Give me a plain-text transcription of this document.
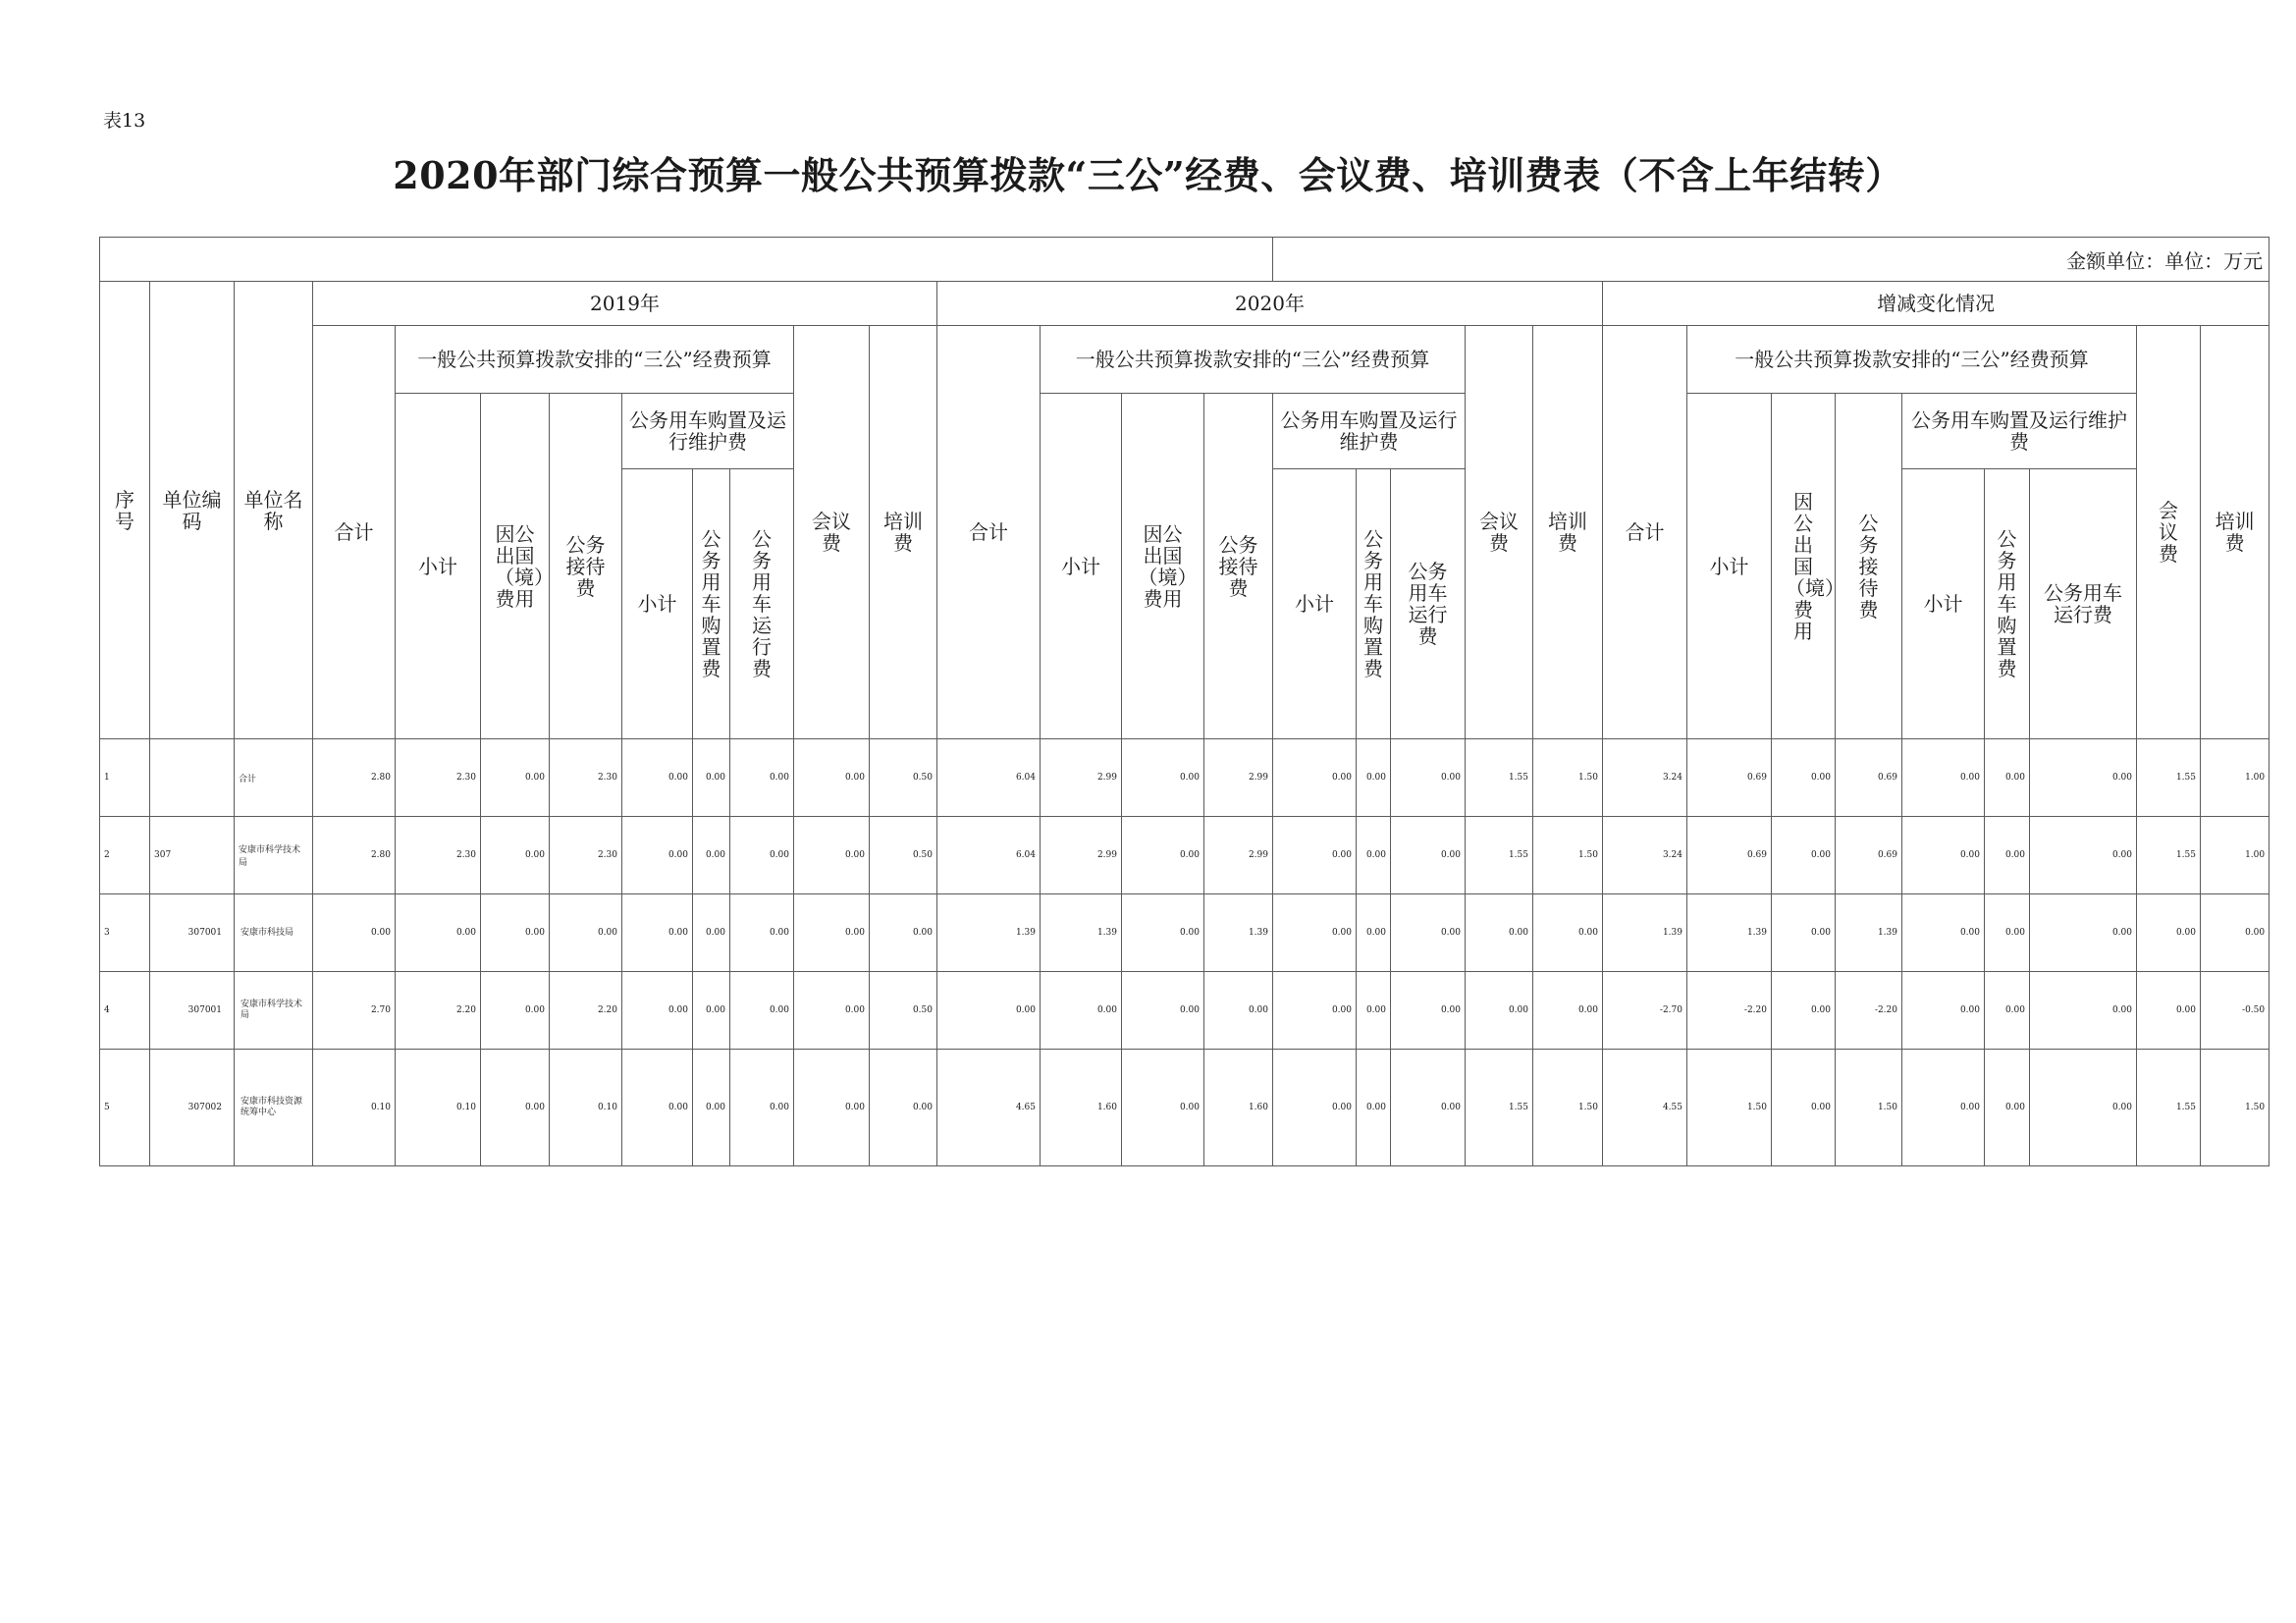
表13
2020年部门综合预算一般公共预算拨款“三公”经费、会议费、培训费表（不含上年结转）
																金额单位：单位：万元													
序号	单位编码	单位名称	2019年									2020年									增减变化情况								
			合计	一般公共预算拨款安排的“三公”经费预算						会议费	培训费	合计	一般公共预算拨款安排的“三公”经费预算						会议费	培训费	合计	一般公共预算拨款安排的“三公”经费预算						会议费	培训费
				小计	因公出国（境）费用	公务接待费	公务用车购置及运行维护费						小计	因公出国（境）费用	公务接待费	公务用车购置及运行维护费						小计	因公出国（境）费用	公务接待费	公务用车购置及运行维护费				
							小计	公务用车购置费	公务用车运行费							小计	公务用车购置费	公务用车运行费							小计	公务用车购置费	公务用车运行费		

1		合计	2.80	2.30	0.00	2.30	0.00	0.00	0.00	0.00	0.50	6.04	2.99	0.00	2.99	0.00	0.00	0.00	1.55	1.50	3.24	0.69	0.00	0.69	0.00	0.00	0.00	1.55	1.00
2	307	安康市科学技术局	2.80	2.30	0.00	2.30	0.00	0.00	0.00	0.00	0.50	6.04	2.99	0.00	2.99	0.00	0.00	0.00	1.55	1.50	3.24	0.69	0.00	0.69	0.00	0.00	0.00	1.55	1.00
3	307001	安康市科技局	0.00	0.00	0.00	0.00	0.00	0.00	0.00	0.00	0.00	1.39	1.39	0.00	1.39	0.00	0.00	0.00	0.00	0.00	1.39	1.39	0.00	1.39	0.00	0.00	0.00	0.00	0.00
4	307001	安康市科学技术局	2.70	2.20	0.00	2.20	0.00	0.00	0.00	0.00	0.50	0.00	0.00	0.00	0.00	0.00	0.00	0.00	0.00	0.00	-2.70	-2.20	0.00	-2.20	0.00	0.00	0.00	0.00	-0.50
5	307002	安康市科技资源统筹中心	0.10	0.10	0.00	0.10	0.00	0.00	0.00	0.00	0.00	4.65	1.60	0.00	1.60	0.00	0.00	0.00	1.55	1.50	4.55	1.50	0.00	1.50	0.00	0.00	0.00	1.55	1.50
